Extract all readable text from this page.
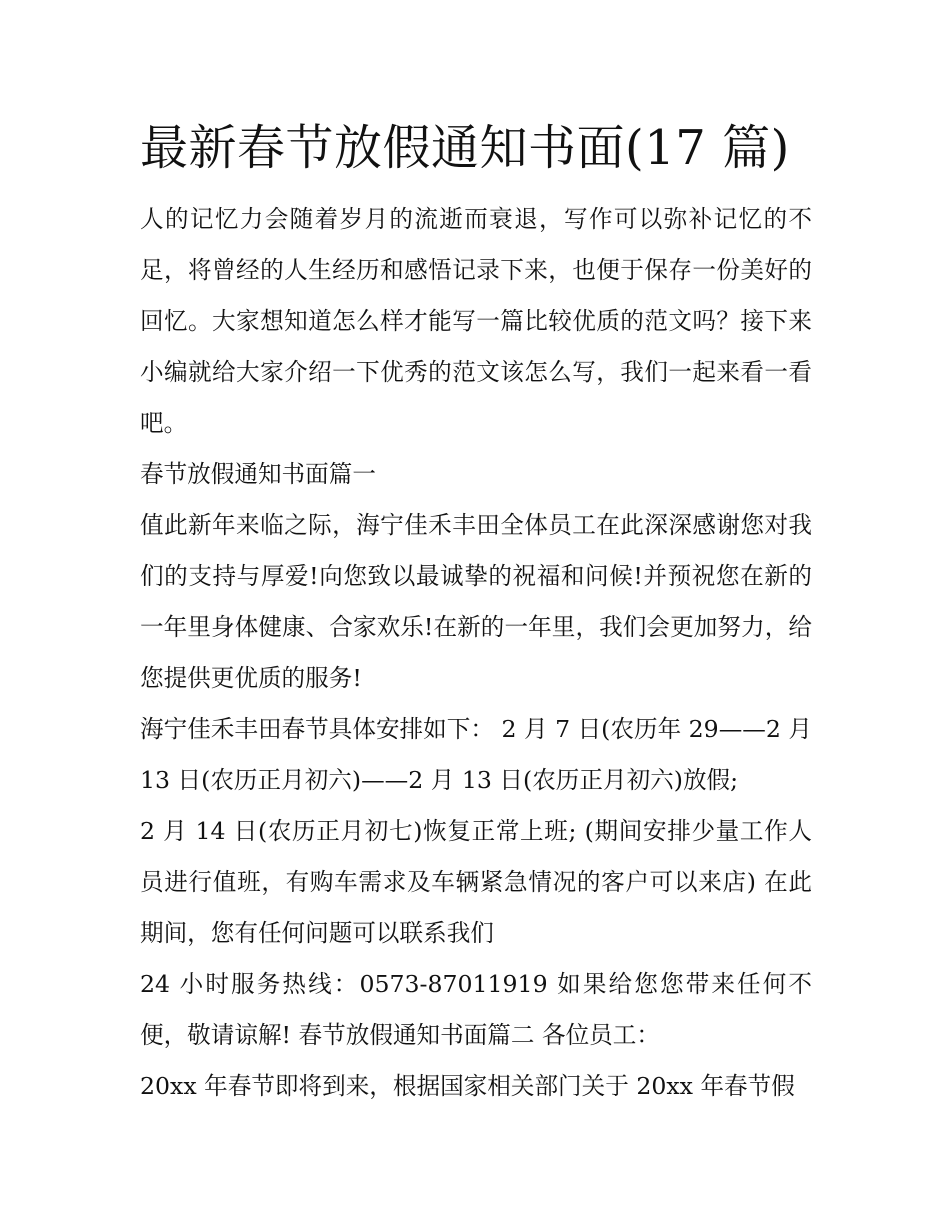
最新春节放假通知书面(17 篇)

人的记忆力会随着岁月的流逝而衰退，写作可以弥补记忆的不足，将曾经的人生经历和感悟记录下来，也便于保存一份美好的回忆。大家想知道怎么样才能写一篇比较优质的范文吗？接下来小编就给大家介绍一下优秀的范文该怎么写，我们一起来看一看吧。

春节放假通知书面篇一

值此新年来临之际，海宁佳禾丰田全体员工在此深深感谢您对我们的支持与厚爱!向您致以最诚挚的祝福和问候!并预祝您在新的一年里身体健康、合家欢乐!在新的一年里，我们会更加努力，给您提供更优质的服务!

海宁佳禾丰田春节具体安排如下： 2 月 7 日(农历年 29——2 月 13 日(农历正月初六)——2 月 13 日(农历正月初六)放假;

2 月 14 日(农历正月初七)恢复正常上班; (期间安排少量工作人员进行值班，有购车需求及车辆紧急情况的客户可以来店) 在此期间，您有任何问题可以联系我们

24 小时服务热线：0573-87011919 如果给您您带来任何不便，敬请谅解! 春节放假通知书面篇二 各位员工：

20xx 年春节即将到来，根据国家相关部门关于 20xx 年春节假
